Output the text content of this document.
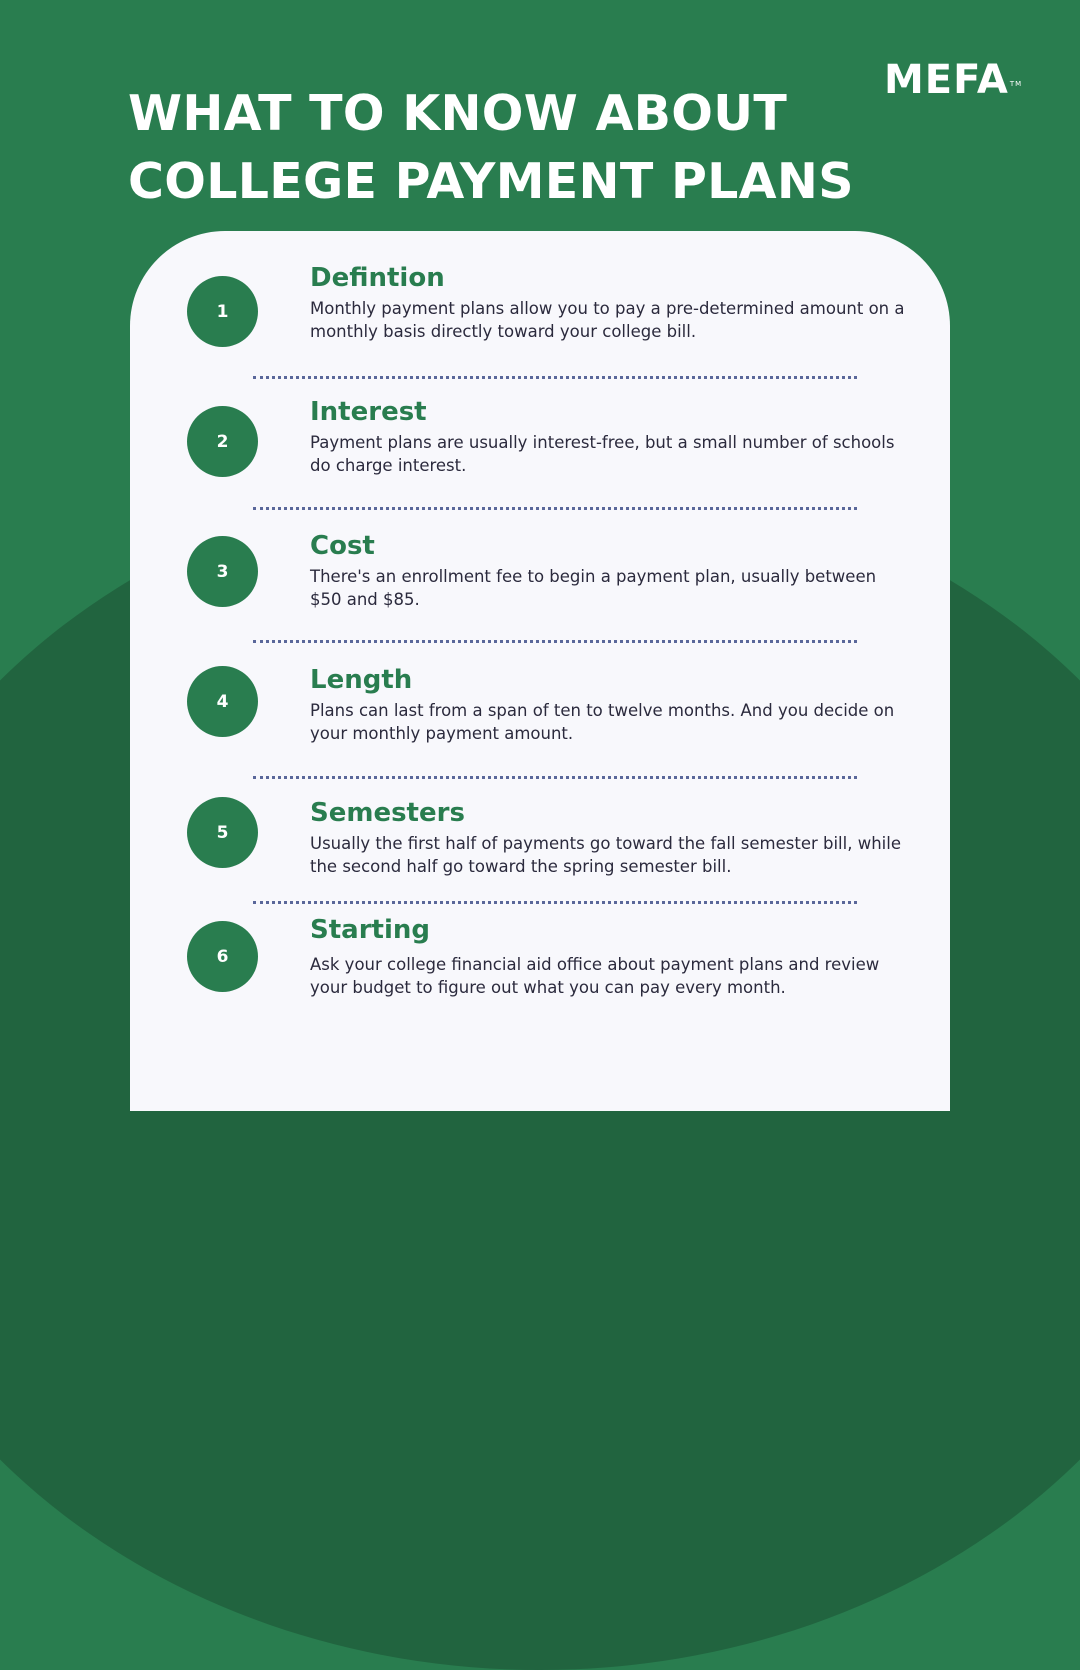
WHAT TO KNOW ABOUT
COLLEGE PAYMENT PLANS
MEFA™
1
Defintion

Monthly payment plans allow you to pay a pre-determined amount on a monthly basis directly toward your college bill.

2
Interest

Payment plans are usually interest-free, but a small number of schools do charge interest.

3
Cost

There's an enrollment fee to begin a payment plan, usually between $50 and $85.

4
Length

Plans can last from a span of ten to twelve months. And you decide on your monthly payment amount.

5
Semesters

Usually the first half of payments go toward the fall semester bill, while the second half go toward the spring semester bill.

6
Starting

Ask your college financial aid office about payment plans and review your budget to figure out what you can pay every month.
